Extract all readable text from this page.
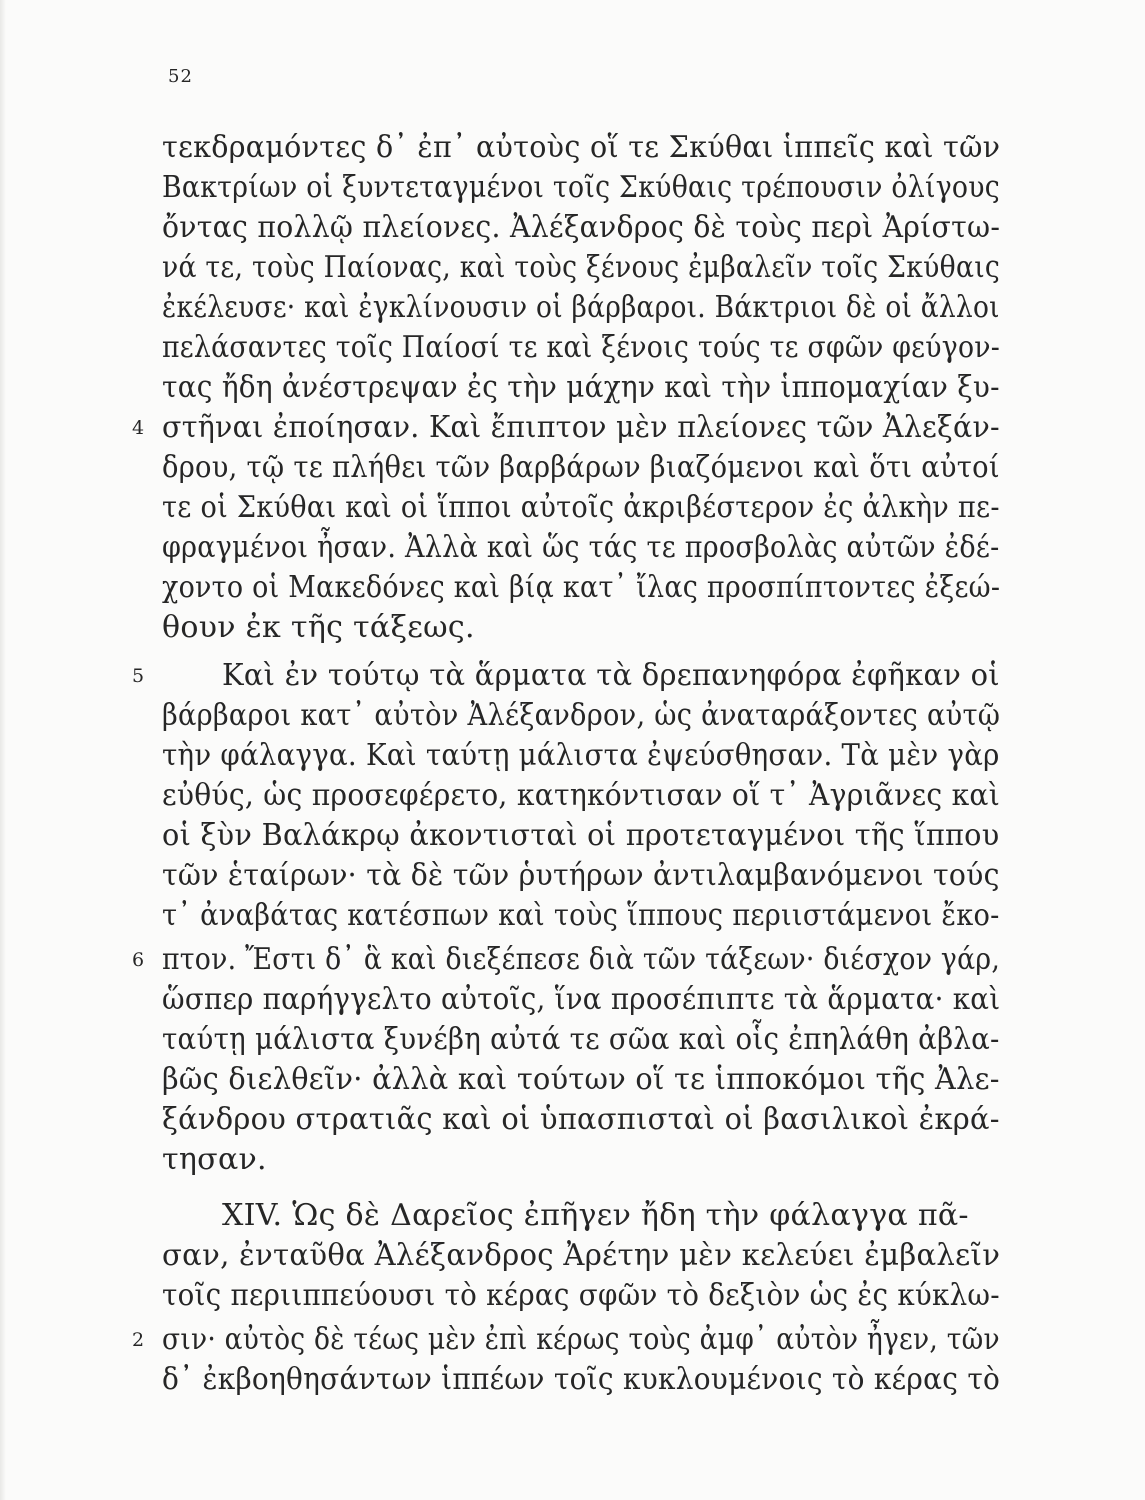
52
τεκδραμόντες δ᾽ ἐπ᾽ αὐτοὺς οἵ τε Σκύθαι ἱππεῖς καὶ τῶν
Βακτρίων οἱ ξυντεταγμένοι τοῖς Σκύθαις τρέπουσιν ὀλίγους
ὄντας πολλῷ πλείονες. Ἀλέξανδρος δὲ τοὺς περὶ Ἀρίστω-
νά τε, τοὺς Παίονας, καὶ τοὺς ξένους ἐμβαλεῖν τοῖς Σκύθαις
ἐκέλευσε· καὶ ἐγκλίνουσιν οἱ βάρβαροι. Βάκτριοι δὲ οἱ ἄλλοι
πελάσαντες τοῖς Παίοσί τε καὶ ξένοις τούς τε σφῶν φεύγον-
τας ἤδη ἀνέστρεψαν ἐς τὴν μάχην καὶ τὴν ἱππομαχίαν ξυ-
4 στῆναι ἐποίησαν. Καὶ ἔπιπτον μὲν πλείονες τῶν Ἀλεξάν-
δρου, τῷ τε πλήθει τῶν βαρβάρων βιαζόμενοι καὶ ὅτι αὐτοί
τε οἱ Σκύθαι καὶ οἱ ἵπποι αὐτοῖς ἀκριβέστερον ἐς ἀλκὴν πε-
φραγμένοι ἦσαν. Ἀλλὰ καὶ ὥς τάς τε προσβολὰς αὐτῶν ἐδέ-
χοντο οἱ Μακεδόνες καὶ βίᾳ κατ᾽ ἴλας προσπίπτοντες ἐξεώ-
θουν ἐκ τῆς τάξεως.
5	Καὶ ἐν τούτῳ τὰ ἅρματα τὰ δρεπανηφόρα ἐφῆκαν οἱ
βάρβαροι κατ᾽ αὐτὸν Ἀλέξανδρον, ὡς ἀναταράξοντες αὐτῷ
τὴν φάλαγγα. Καὶ ταύτῃ μάλιστα ἐψεύσθησαν. Τὰ μὲν γὰρ
εὐθύς, ὡς προσεφέρετο, κατηκόντισαν οἵ τ᾽ Ἀγριᾶνες καὶ
οἱ ξὺν Βαλάκρῳ ἀκοντισταὶ οἱ προτεταγμένοι τῆς ἵππου
τῶν ἑταίρων· τὰ δὲ τῶν ῥυτήρων ἀντιλαμβανόμενοι τούς
τ᾽ ἀναβάτας κατέσπων καὶ τοὺς ἵππους περιιστάμενοι ἔκο-
6 πτον. Ἔστι δ᾽ ἃ καὶ διεξέπεσε διὰ τῶν τάξεων· διέσχον γάρ,
ὥσπερ παρήγγελτο αὐτοῖς, ἵνα προσέπιπτε τὰ ἅρματα· καὶ
ταύτῃ μάλιστα ξυνέβη αὐτά τε σῶα καὶ οἷς ἐπηλάθη ἀβλα-
βῶς διελθεῖν· ἀλλὰ καὶ τούτων οἵ τε ἱπποκόμοι τῆς Ἀλε-
ξάνδρου στρατιᾶς καὶ οἱ ὑπασπισταὶ οἱ βασιλικοὶ ἐκρά-
τησαν.
XIV. Ὡς δὲ Δαρεῖος ἐπῆγεν ἤδη τὴν φάλαγγα πᾶ-
σαν, ἐνταῦθα Ἀλέξανδρος Ἀρέτην μὲν κελεύει ἐμβαλεῖν
τοῖς περιιππεύουσι τὸ κέρας σφῶν τὸ δεξιὸν ὡς ἐς κύκλω-
2 σιν· αὐτὸς δὲ τέως μὲν ἐπὶ κέρως τοὺς ἀμφ᾽ αὐτὸν ἦγεν, τῶν
δ᾽ ἐκβοηθησάντων ἱππέων τοῖς κυκλουμένοις τὸ κέρας τὸ
